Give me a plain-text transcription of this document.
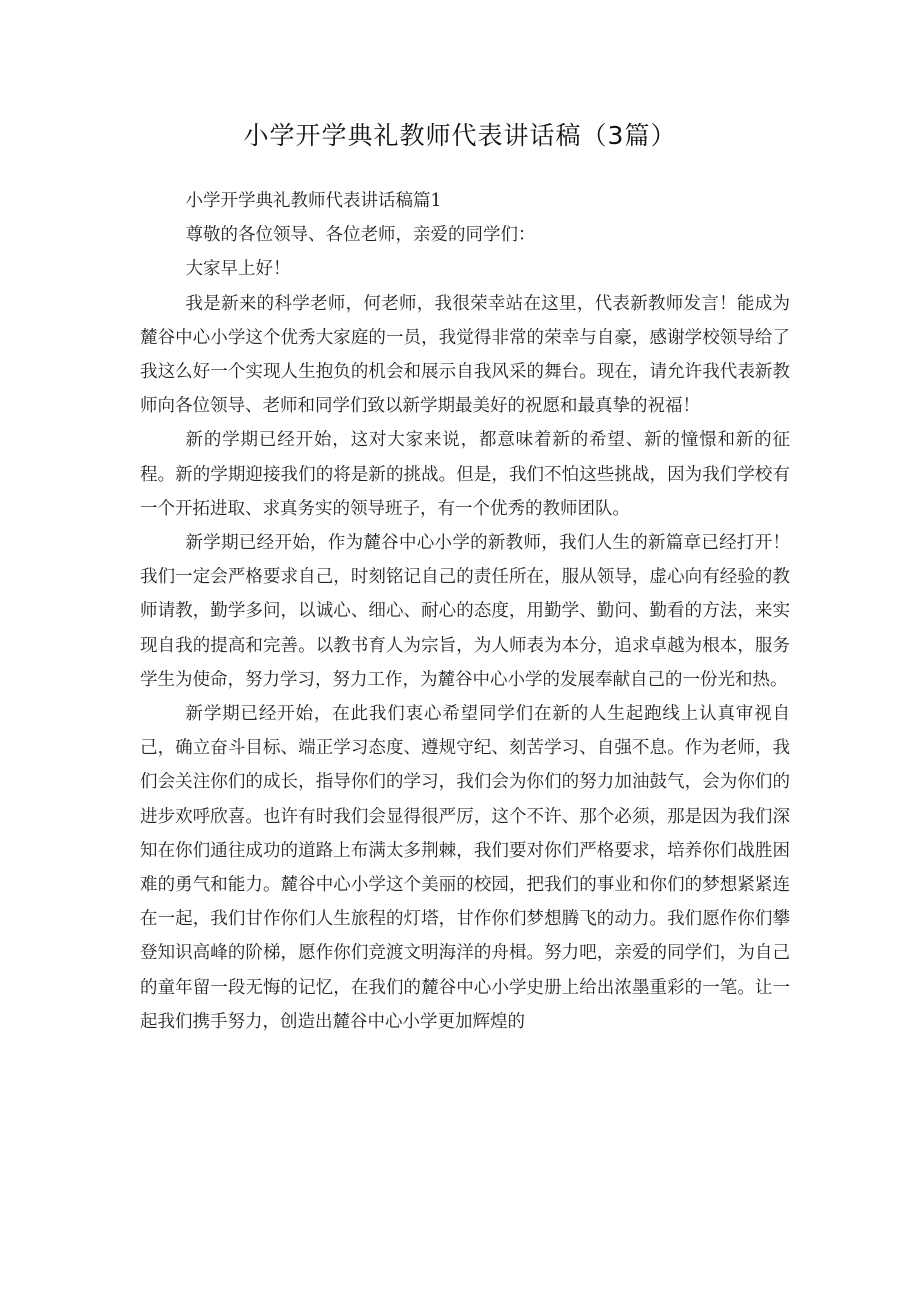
小学开学典礼教师代表讲话稿（3篇）

小学开学典礼教师代表讲话稿篇1

尊敬的各位领导、各位老师，亲爱的同学们：

大家早上好！

我是新来的科学老师，何老师，我很荣幸站在这里，代表新教师发言！能成为麓谷中心小学这个优秀大家庭的一员，我觉得非常的荣幸与自豪，感谢学校领导给了我这么好一个实现人生抱负的机会和展示自我风采的舞台。现在，请允许我代表新教师向各位领导、老师和同学们致以新学期最美好的祝愿和最真挚的祝福！

新的学期已经开始，这对大家来说，都意味着新的希望、新的憧憬和新的征程。新的学期迎接我们的将是新的挑战。但是，我们不怕这些挑战，因为我们学校有一个开拓进取、求真务实的领导班子，有一个优秀的教师团队。

新学期已经开始，作为麓谷中心小学的新教师，我们人生的新篇章已经打开！我们一定会严格要求自己，时刻铭记自己的责任所在，服从领导，虚心向有经验的教师请教，勤学多问，以诚心、细心、耐心的态度，用勤学、勤问、勤看的方法，来实现自我的提高和完善。以教书育人为宗旨，为人师表为本分，追求卓越为根本，服务学生为使命，努力学习，努力工作，为麓谷中心小学的发展奉献自己的一份光和热。

新学期已经开始，在此我们衷心希望同学们在新的人生起跑线上认真审视自己，确立奋斗目标、端正学习态度、遵规守纪、刻苦学习、自强不息。作为老师，我们会关注你们的成长，指导你们的学习，我们会为你们的努力加油鼓气，会为你们的进步欢呼欣喜。也许有时我们会显得很严厉，这个不许、那个必须，那是因为我们深知在你们通往成功的道路上布满太多荆棘，我们要对你们严格要求，培养你们战胜困难的勇气和能力。麓谷中心小学这个美丽的校园，把我们的事业和你们的梦想紧紧连在一起，我们甘作你们人生旅程的灯塔，甘作你们梦想腾飞的动力。我们愿作你们攀登知识高峰的阶梯，愿作你们竞渡文明海洋的舟楫。努力吧，亲爱的同学们，为自己的童年留一段无悔的记忆，在我们的麓谷中心小学史册上给出浓墨重彩的一笔。让一起我们携手努力，创造出麓谷中心小学更加辉煌的
